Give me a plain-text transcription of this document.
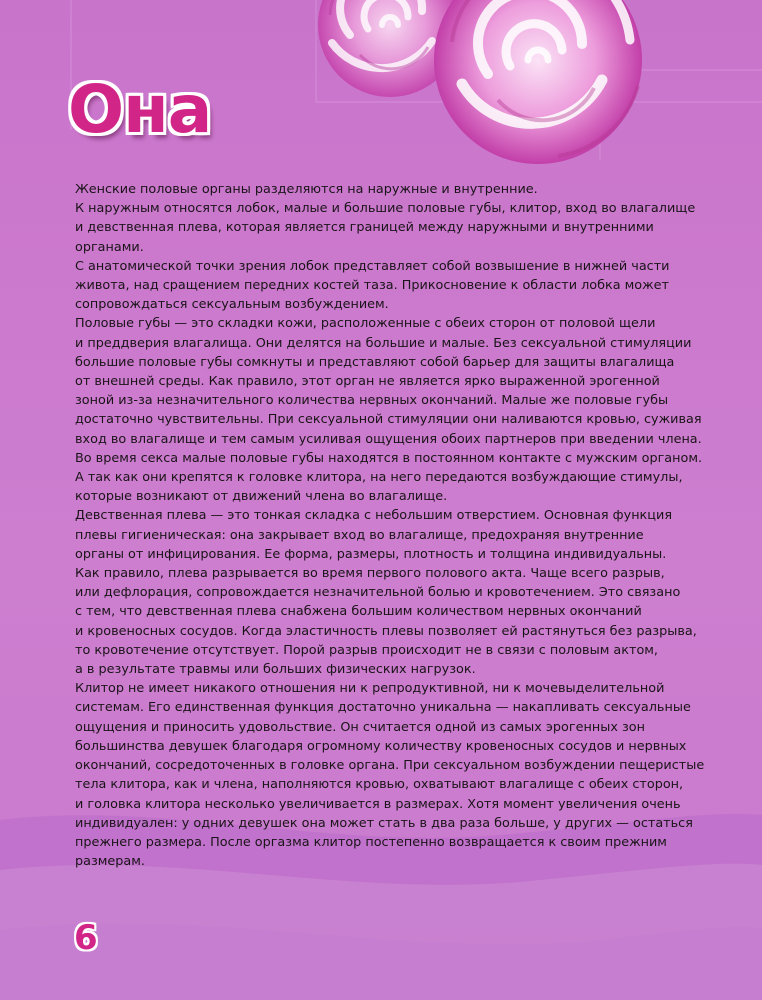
Она
Женские половые органы разделяются на наружные и внутренние.
К наружным относятся лобок, малые и большие половые губы, клитор, вход во влагалище
и девственная плева, которая является границей между наружными и внутренними
органами.
С анатомической точки зрения лобок представляет собой возвышение в нижней части
живота, над сращением передних костей таза. Прикосновение к области лобка может
сопровождаться сексуальным возбуждением.
Половые губы — это складки кожи, расположенные с обеих сторон от половой щели
и преддверия влагалища. Они делятся на большие и малые. Без сексуальной стимуляции
большие половые губы сомкнуты и представляют собой барьер для защиты влагалища
от внешней среды. Как правило, этот орган не является ярко выраженной эрогенной
зоной из-за незначительного количества нервных окончаний. Малые же половые губы
достаточно чувствительны. При сексуальной стимуляции они наливаются кровью, суживая
вход во влагалище и тем самым усиливая ощущения обоих партнеров при введении члена.
Во время секса малые половые губы находятся в постоянном контакте с мужским органом.
А так как они крепятся к головке клитора, на него передаются возбуждающие стимулы,
которые возникают от движений члена во влагалище.
Девственная плева — это тонкая складка с небольшим отверстием. Основная функция
плевы гигиеническая: она закрывает вход во влагалище, предохраняя внутренние
органы от инфицирования. Ее форма, размеры, плотность и толщина индивидуальны.
Как правило, плева разрывается во время первого полового акта. Чаще всего разрыв,
или дефлорация, сопровождается незначительной болью и кровотечением. Это связано
с тем, что девственная плева снабжена большим количеством нервных окончаний
и кровеносных сосудов. Когда эластичность плевы позволяет ей растянуться без разрыва,
то кровотечение отсутствует. Порой разрыв происходит не в связи с половым актом,
а в результате травмы или больших физических нагрузок.
Клитор не имеет никакого отношения ни к репродуктивной, ни к мочевыделительной
системам. Его единственная функция достаточно уникальна — накапливать сексуальные
ощущения и приносить удовольствие. Он считается одной из самых эрогенных зон
большинства девушек благодаря огромному количеству кровеносных сосудов и нервных
окончаний, сосредоточенных в головке органа. При сексуальном возбуждении пещеристые
тела клитора, как и члена, наполняются кровью, охватывают влагалище с обеих сторон,
и головка клитора несколько увеличивается в размерах. Хотя момент увеличения очень
индивидуален: у одних девушек она может стать в два раза больше, у других — остаться
прежнего размера. После оргазма клитор постепенно возвращается к своим прежним
размерам.
6
